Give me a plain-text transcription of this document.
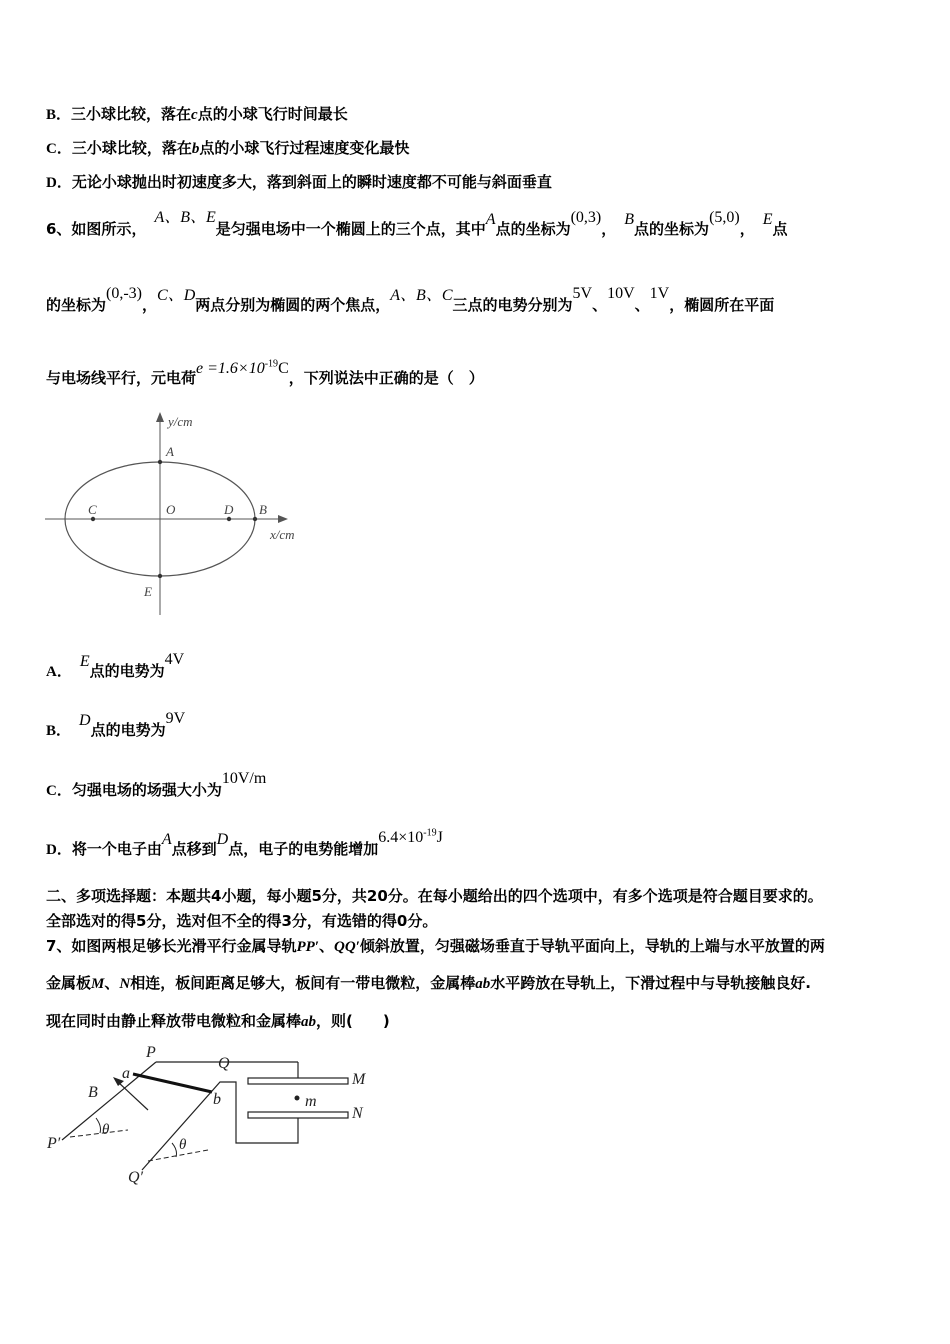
B．三小球比较，落在c点的小球飞行时间最长
C．三小球比较，落在b点的小球飞行过程速度变化最快
D．无论小球抛出时初速度多大，落到斜面上的瞬时速度都不可能与斜面垂直
6、如图所示，A、B、E是匀强电场中一个椭圆上的三个点，其中A点的坐标为(0,3)，B点的坐标为(5,0)，E点
的坐标为(0,-3)，C、D两点分别为椭圆的两个焦点，A、B、C三点的电势分别为5V、10V、1V，椭圆所在平面
与电场线平行，元电荷$e =1.6\times 10^{-19}C$，下列说法中正确的是（　）
y/cm
x/cm
A
C	O	D B
E
A．E点的电势为4V
B．D点的电势为9V
C．匀强电场的场强大小为10V/m
D．将一个电子由A点移到D点，电子的电势能增加$6.4\times 10^{-19}J$
二、多项选择题：本题共4小题，每小题5分，共20分。在每小题给出的四个选项中，有多个选项是符合题目要求的。
全部选对的得5分，选对但不全的得3分，有选错的得0分。
7、如图两根足够长光滑平行金属导轨PP′、QQ′倾斜放置，匀强磁场垂直于导轨平面向上，导轨的上端与水平放置的两
金属板M、N相连，板间距离足够大，板间有一带电微粒，金属棒ab水平跨放在导轨上，下滑过程中与导轨接触良好.
现在同时由静止释放带电微粒和金属棒ab，则(　　)
P
Q
a
b
B
θ
θ
P′
Q′
M
N
m
